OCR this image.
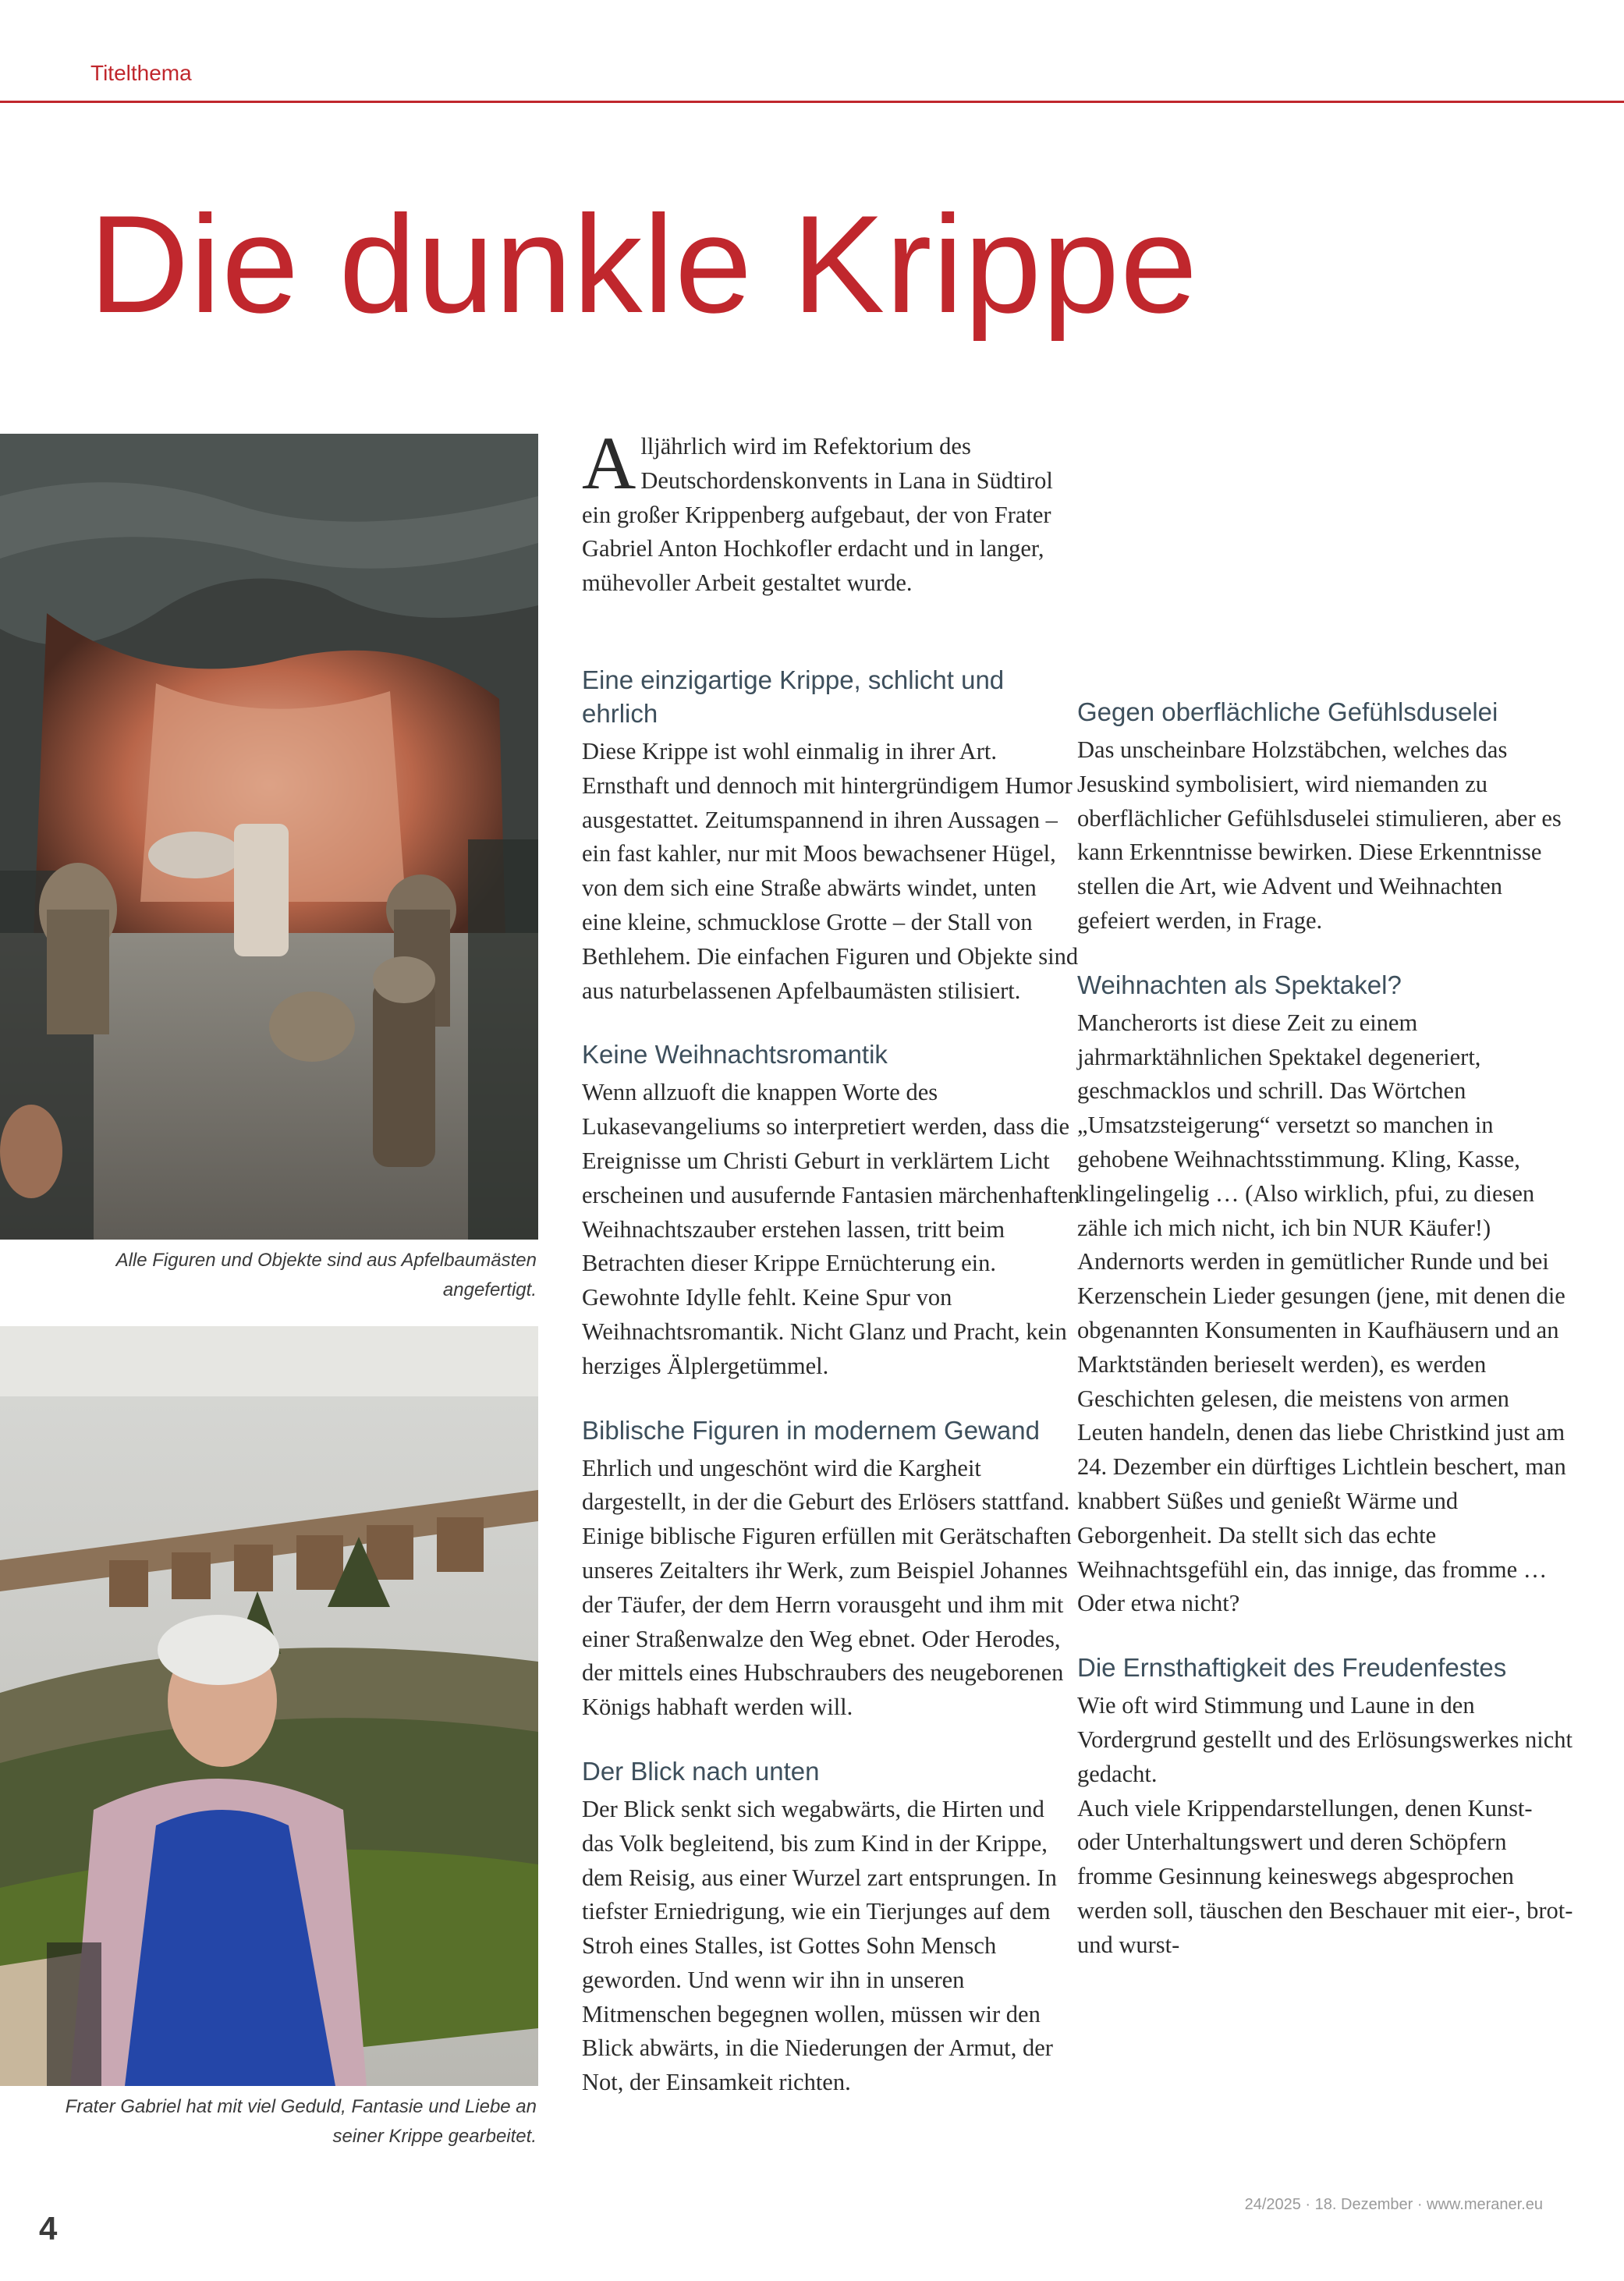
Titelthema
Die dunkle Krippe
Alle Figuren und Objekte sind aus Apfelbaumästen angefertigt.
Frater Gabriel hat mit viel Geduld, Fantasie und Liebe an seiner Krippe gearbeitet.

Alljährlich wird im Refektorium des Deutschordenskonvents in Lana in Südtirol ein großer Krippenberg aufgebaut, der von Frater Gabriel Anton Hochkofler erdacht und in langer, mühevoller Arbeit gestaltet wurde.

Eine einzigartige Krippe, schlicht und ehrlich

Diese Krippe ist wohl einmalig in ihrer Art. Ernsthaft und dennoch mit hintergründigem Humor ausgestattet. Zeitumspannend in ihren Aussagen – ein fast kahler, nur mit Moos bewachsener Hügel, von dem sich eine Straße abwärts windet, unten eine kleine, schmucklose Grotte – der Stall von Bethlehem. Die einfachen Figuren und Objekte sind aus naturbelassenen Apfelbaumästen stilisiert.

Keine Weihnachtsromantik

Wenn allzuoft die knappen Worte des Lukasevangeliums so interpretiert werden, dass die Ereignisse um Christi Geburt in verklärtem Licht erscheinen und ausufernde Fantasien märchenhaften Weihnachtszauber erstehen lassen, tritt beim Betrachten dieser Krippe Ernüchterung ein. Gewohnte Idylle fehlt. Keine Spur von Weihnachtsromantik. Nicht Glanz und Pracht, kein herziges Älplergetümmel.

Biblische Figuren in modernem Gewand

Ehrlich und ungeschönt wird die Kargheit dargestellt, in der die Geburt des Erlösers stattfand. Einige biblische Figuren erfüllen mit Gerätschaften unseres Zeitalters ihr Werk, zum Beispiel Johannes der Täufer, der dem Herrn vorausgeht und ihm mit einer Straßenwalze den Weg ebnet. Oder Herodes, der mittels eines Hubschraubers des neugeborenen Königs habhaft werden will.

Der Blick nach unten

Der Blick senkt sich wegabwärts, die Hirten und das Volk begleitend, bis zum Kind in der Krippe, dem Reisig, aus einer Wurzel zart entsprungen. In tiefster Erniedrigung, wie ein Tierjunges auf dem Stroh eines Stalles, ist Gottes Sohn Mensch geworden. Und wenn wir ihn in unseren Mitmenschen begegnen wollen, müssen wir den Blick abwärts, in die Niederungen der Armut, der Not, der Einsamkeit richten.

Gegen oberflächliche Gefühlsduselei

Das unscheinbare Holzstäbchen, welches das Jesuskind symbolisiert, wird niemanden zu oberflächlicher Gefühlsduselei stimulieren, aber es kann Erkenntnisse bewirken. Diese Erkenntnisse stellen die Art, wie Advent und Weihnachten gefeiert werden, in Frage.

Weihnachten als Spektakel?

Mancherorts ist diese Zeit zu einem jahrmarktähnlichen Spektakel degeneriert, geschmacklos und schrill. Das Wörtchen „Umsatzsteigerung“ versetzt so manchen in gehobene Weihnachtsstimmung. Kling, Kasse, klingelingelig … (Also wirklich, pfui, zu diesen zähle ich mich nicht, ich bin NUR Käufer!)

Andernorts werden in gemütlicher Runde und bei Kerzenschein Lieder gesungen (jene, mit denen die obgenannten Konsumenten in Kaufhäusern und an Marktständen berieselt werden), es werden Geschichten gelesen, die meistens von armen Leuten handeln, denen das liebe Christkind just am 24. Dezember ein dürftiges Lichtlein beschert, man knabbert Süßes und genießt Wärme und Geborgenheit. Da stellt sich das echte Weihnachtsgefühl ein, das innige, das fromme …

Oder etwa nicht?

Die Ernsthaftigkeit des Freudenfestes

Wie oft wird Stimmung und Laune in den Vordergrund gestellt und des Erlösungswerkes nicht gedacht.

Auch viele Krippendarstellungen, denen Kunst- oder Unterhaltungswert und deren Schöpfern fromme Gesinnung keineswegs abgesprochen werden soll, täuschen den Beschauer mit eier-, brot- und wurst-

4
24/2025 · 18. Dezember · www.meraner.eu
